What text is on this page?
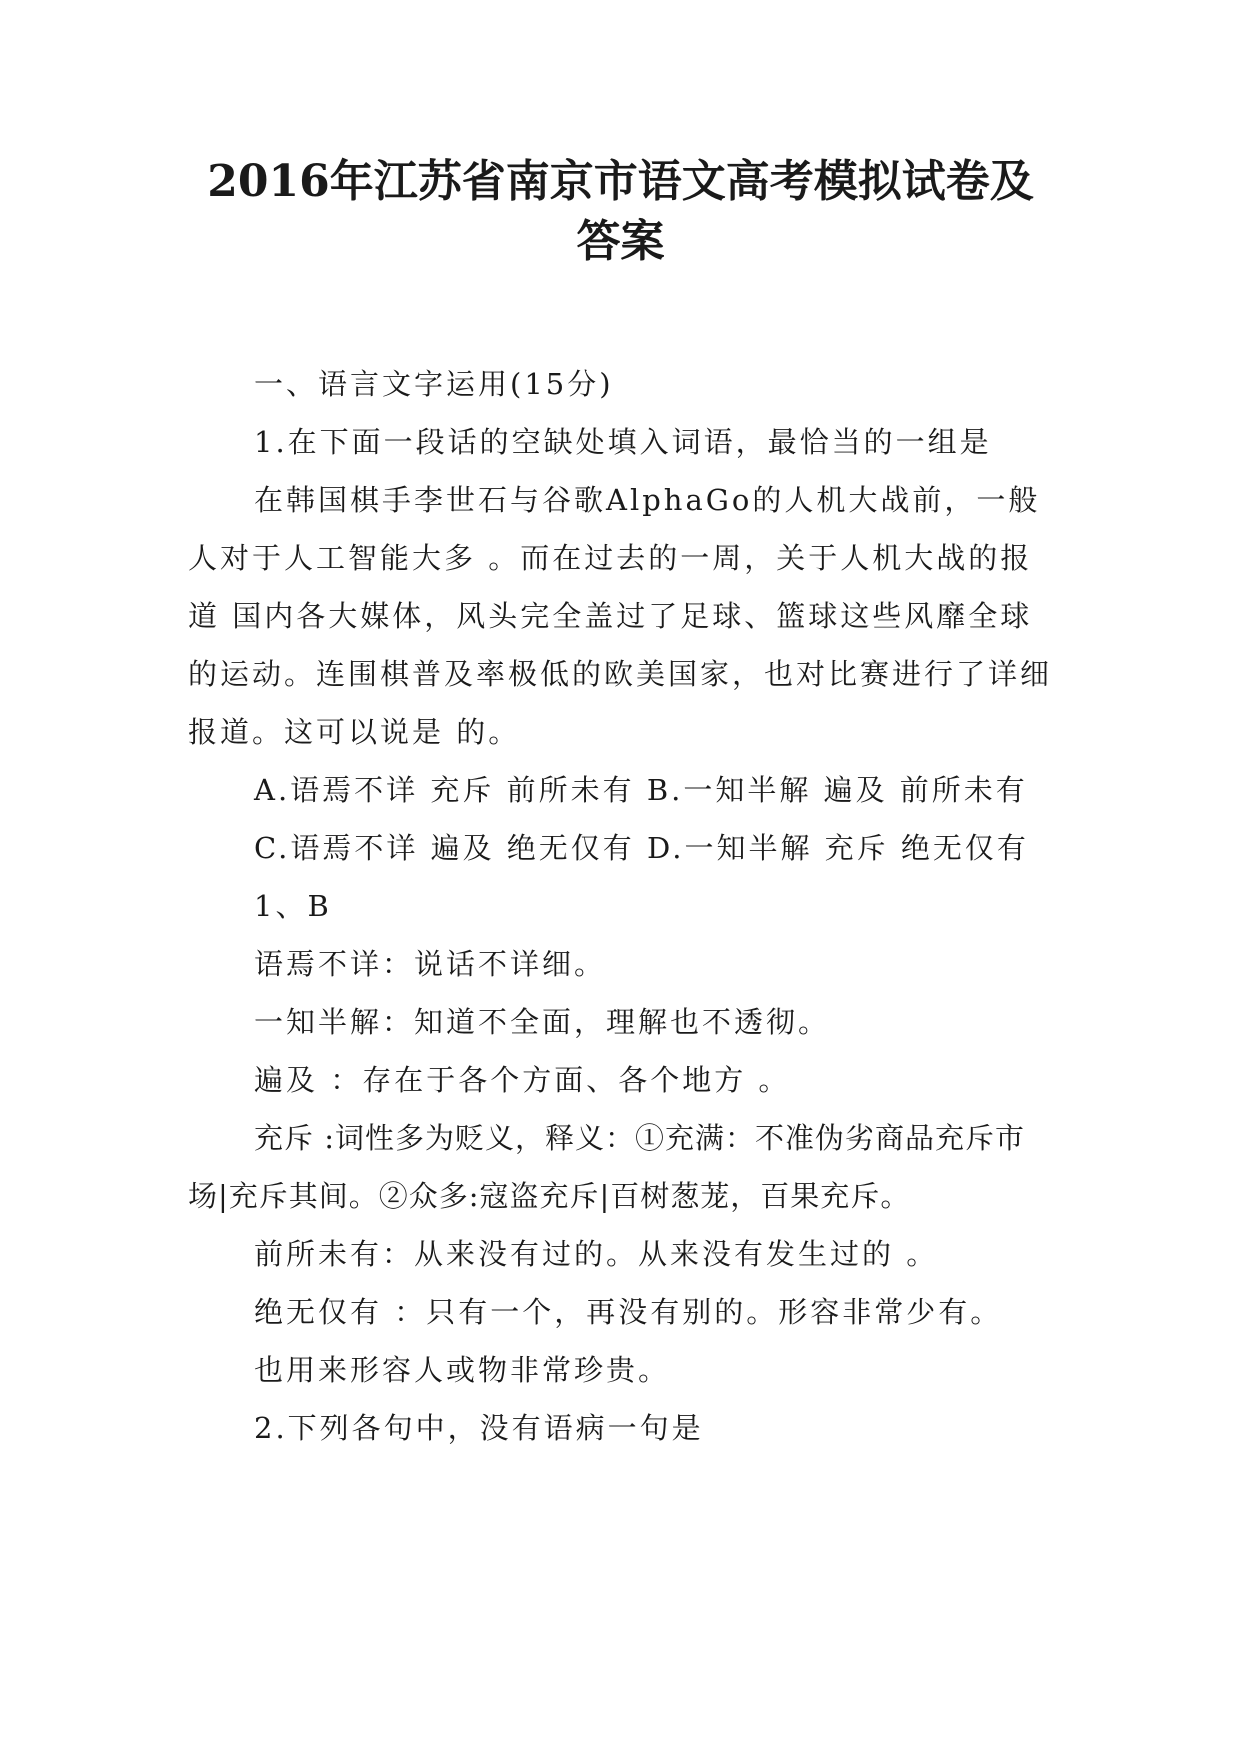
2016年江苏省南京市语文高考模拟试卷及
答案

一、语言文字运用(15分)

1.在下面一段话的空缺处填入词语，最恰当的一组是

在韩国棋手李世石与谷歌AlphaGo的人机大战前，一般人对于人工智能大多 。而在过去的一周，关于人机大战的报道 国内各大媒体，风头完全盖过了足球、篮球这些风靡全球的运动。连围棋普及率极低的欧美国家，也对比赛进行了详细报道。这可以说是 的。

A.语焉不详 充斥 前所未有 B.一知半解 遍及 前所未有

C.语焉不详 遍及 绝无仅有 D.一知半解 充斥 绝无仅有

1、B

语焉不详：说话不详细。

一知半解：知道不全面，理解也不透彻。

遍及 ：存在于各个方面、各个地方 。

充斥 :词性多为贬义，释义：①充满：不准伪劣商品充斥市场|充斥其间。②众多:寇盗充斥|百树葱茏，百果充斥。

前所未有：从来没有过的。从来没有发生过的 。

绝无仅有 ：只有一个，再没有别的。形容非常少有。

也用来形容人或物非常珍贵。

2.下列各句中，没有语病一句是
